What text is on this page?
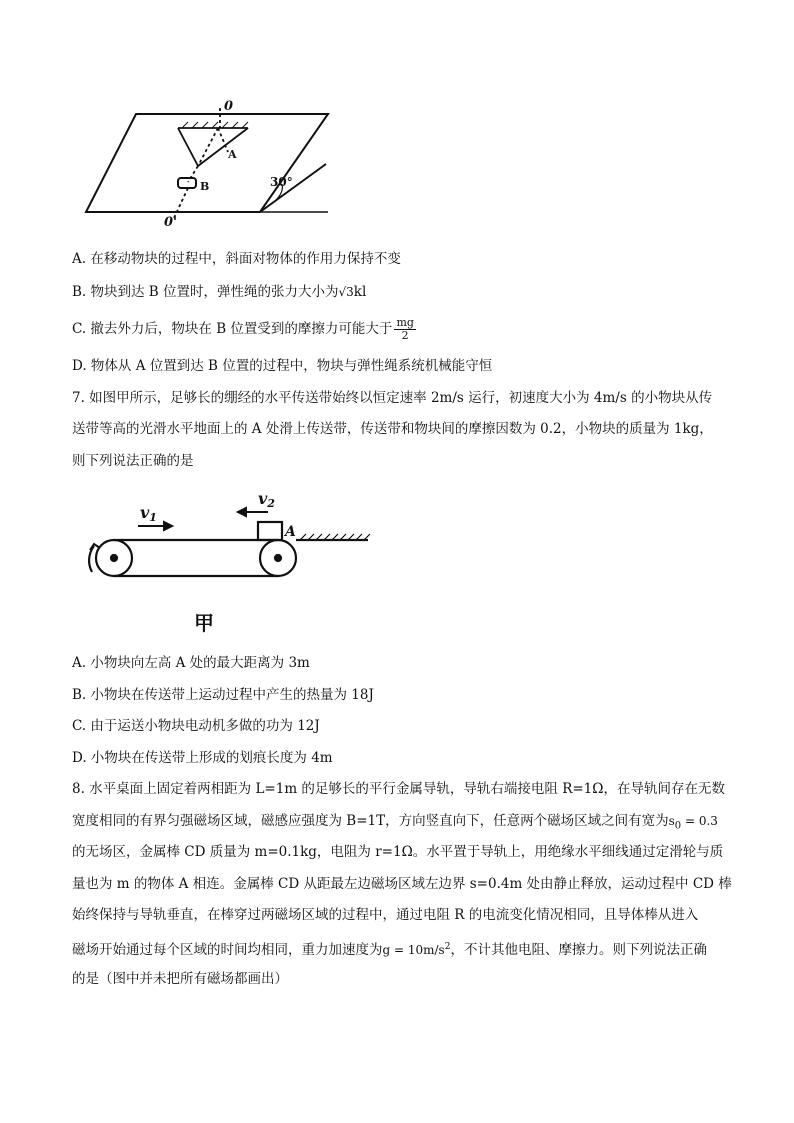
0
0'
A
B	30°
A. 在移动物块的过程中，斜面对物体的作用力保持不变
B. 物块到达 B 位置时，弹性绳的张力大小为√3kl
C. 撤去外力后，物块在 B 位置受到的摩擦力可能大于 $\frac{mg}{2}$
D. 物体从 A 位置到达 B 位置的过程中，物块与弹性绳系统机械能守恒
7. 如图甲所示，足够长的绷经的水平传送带始终以恒定速率 2m/s 运行，初速度大小为 4m/s 的小物块从传
送带等高的光滑水平地面上的 A 处滑上传送带，传送带和物块间的摩擦因数为 0.2，小物块的质量为 1kg，
则下列说法正确的是
v1
v2
A
甲
A. 小物块向左高 A 处的最大距离为 3m
B. 小物块在传送带上运动过程中产生的热量为 18J
C. 由于运送小物块电动机多做的功为 12J
D. 小物块在传送带上形成的划痕长度为 4m
8. 水平桌面上固定着两相距为 L=1m 的足够长的平行金属导轨，导轨右端接电阻 R=1Ω，在导轨间存在无数
宽度相同的有界匀强磁场区域，磁感应强度为 B=1T，方向竖直向下，任意两个磁场区域之间有宽为$s_0 = 0.3$
的无场区，金属棒 CD 质量为 m=0.1kg，电阻为 r=1Ω。水平置于导轨上，用绝缘水平细线通过定滑轮与质
量也为 m 的物体 A 相连。金属棒 CD 从距最左边磁场区域左边界 s=0.4m 处由静止释放，运动过程中 CD 棒
始终保持与导轨垂直，在棒穿过两磁场区域的过程中，通过电阻 R 的电流变化情况相同，且导体棒从进入
磁场开始通过每个区域的时间均相同，重力加速度为$g = 10m/s^2$，不计其他电阻、摩擦力。则下列说法正确
的是（图中并未把所有磁场都画出）
